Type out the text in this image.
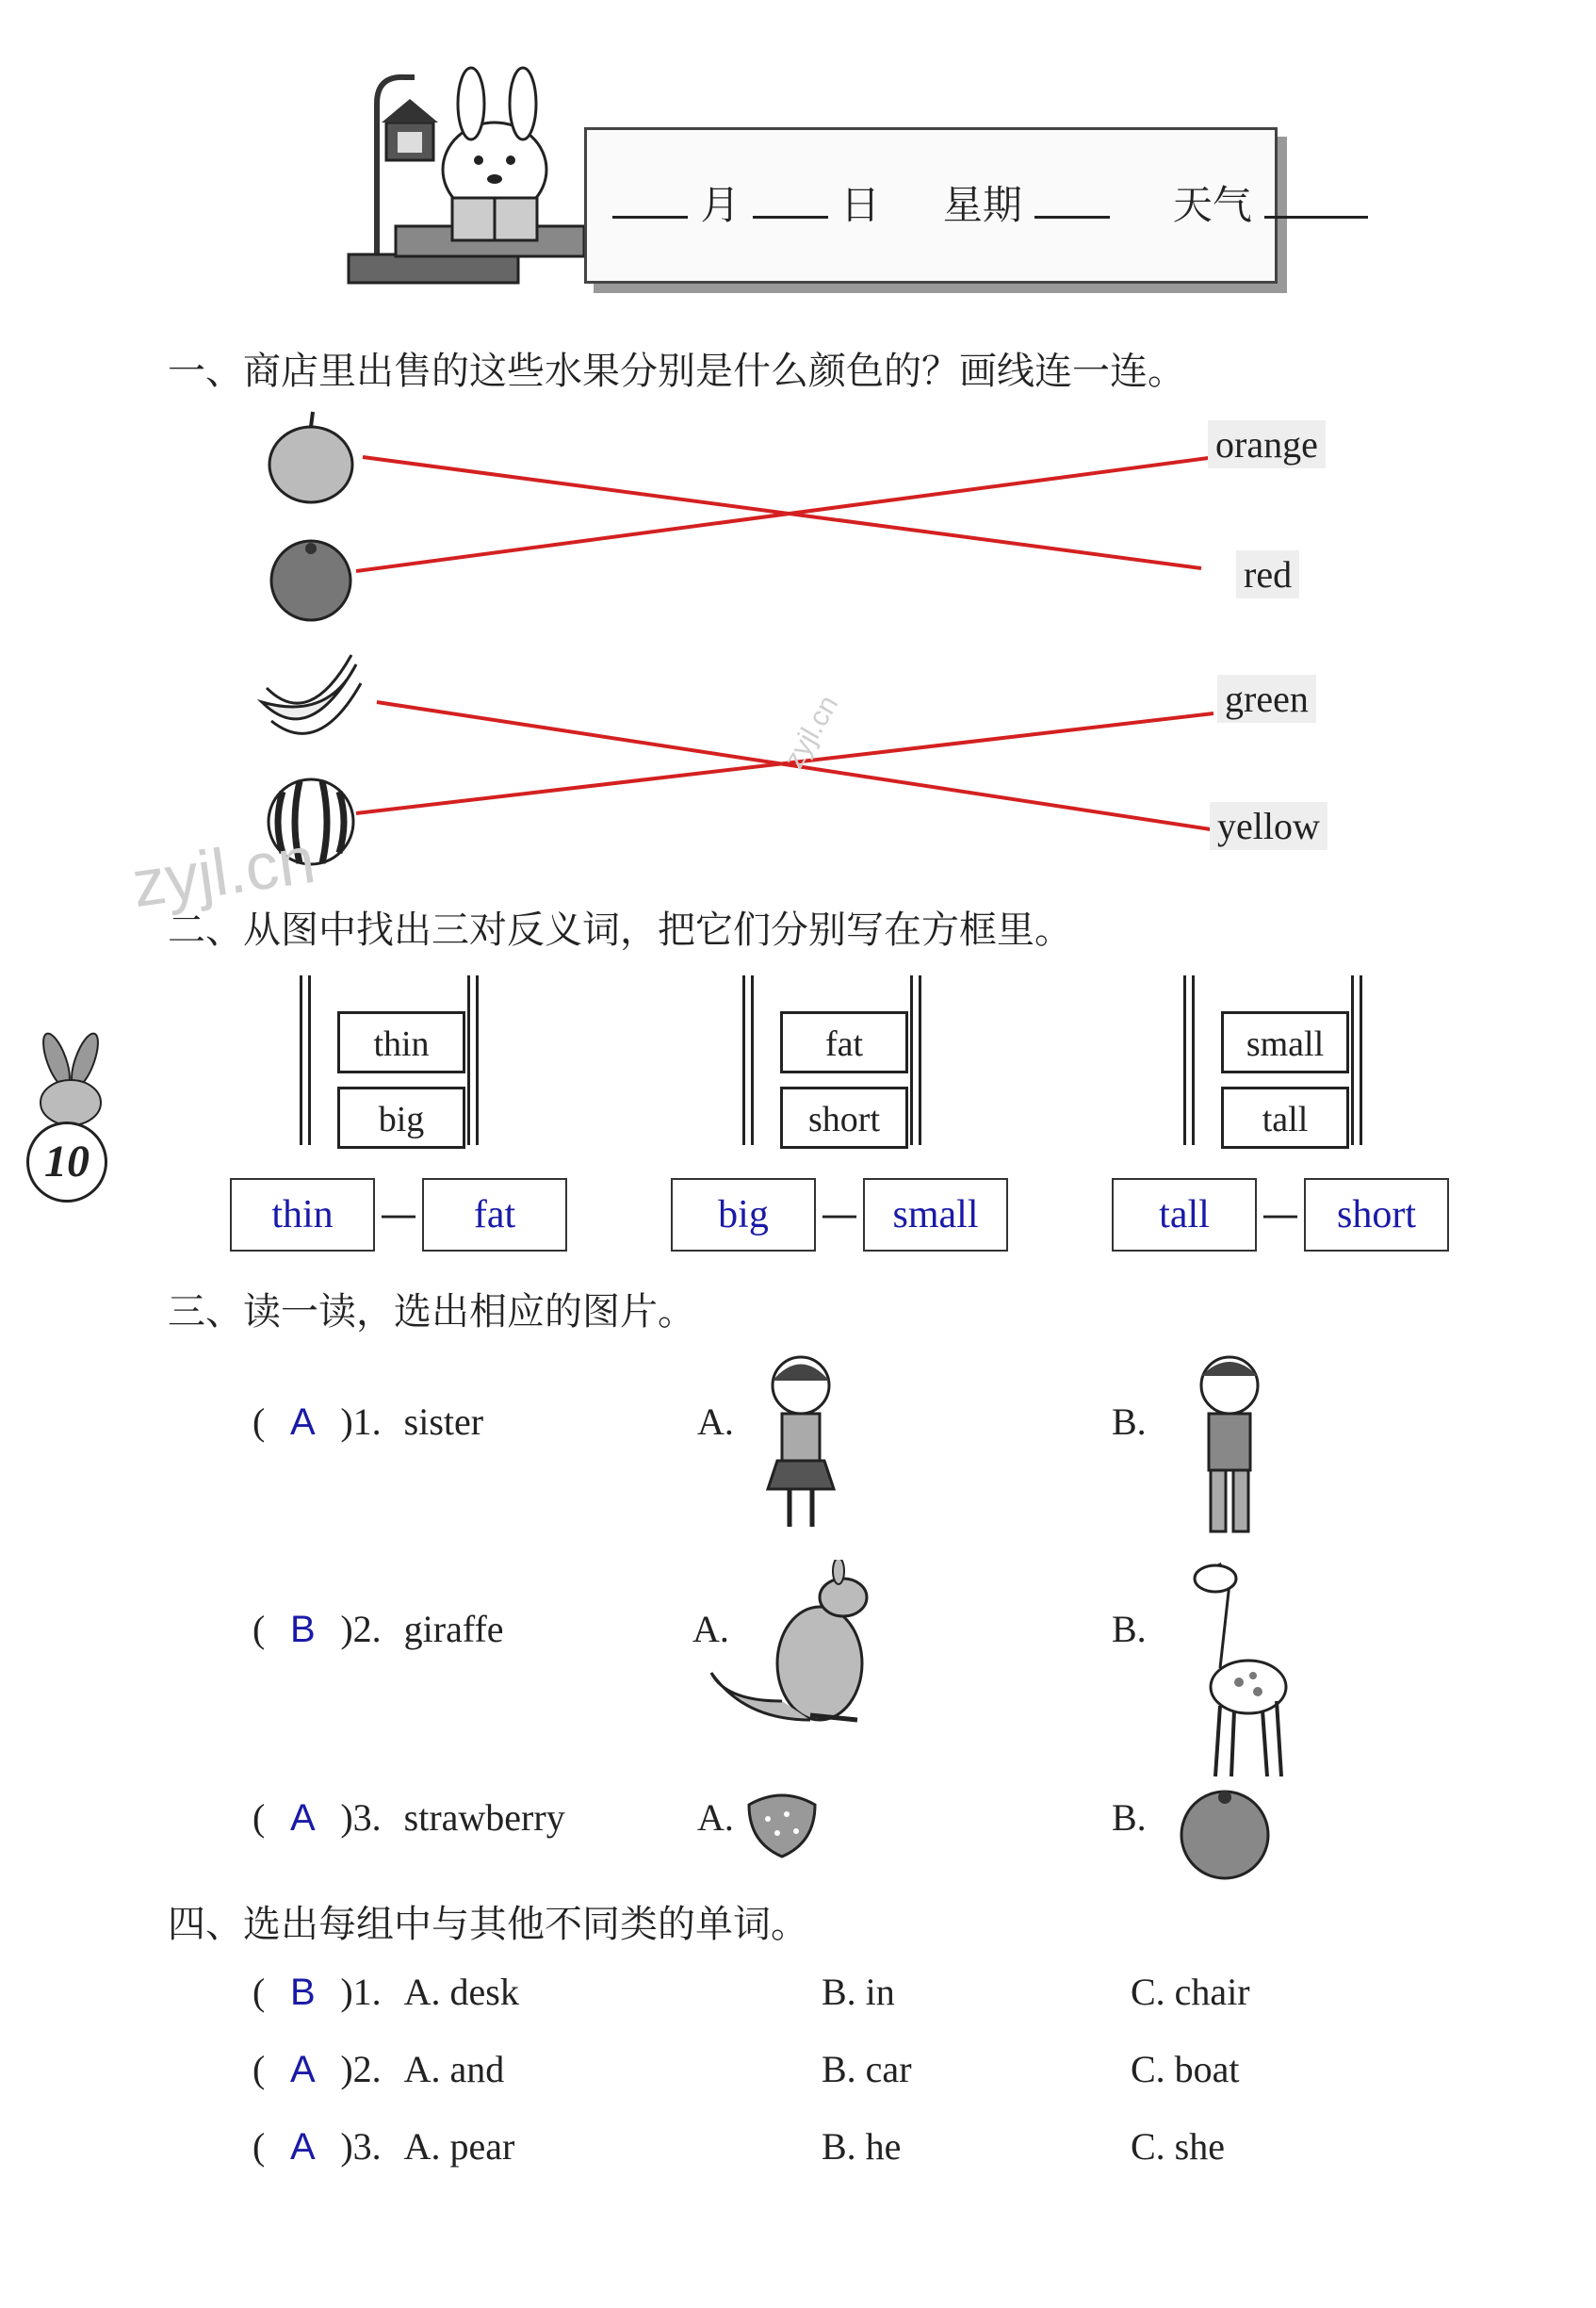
月	日 星期	天气
一、商店里出售的这些水果分别是什么颜色的？画线连一连。
orange
red
green
yellow
zyjl.cn
zyjl.cn
二、从图中找出三对反义词，把它们分别写在方框里。
thin
big
fat
short
small
tall
thin	—	fat	big	— small	tall	— short
10
三、读一读，选出相应的图片。
( A )1. sister	A.	B.
( B )2. giraffe	A.	B.
( A )3. strawberry	A.	B.
四、选出每组中与其他不同类的单词。
( B )1. A. desk	B. in	C. chair
( A )2. A. and	B. car	C. boat
( A )3. A. pear	B. he	C. she
